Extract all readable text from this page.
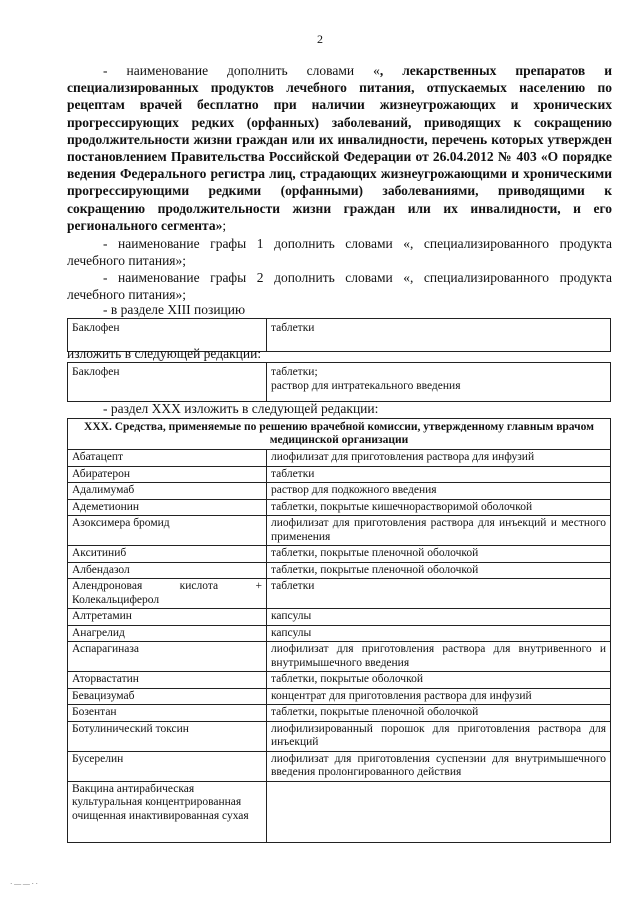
2
- наименование дополнить словами «, лекарственных препаратов и специализированных продуктов лечебного питания, отпускаемых населению по рецептам врачей бесплатно при наличии жизнеугрожающих и хронических прогрессирующих редких (орфанных) заболеваний, приводящих к сокращению продолжительности жизни граждан или их инвалидности, перечень которых утвержден постановлением Правительства Российской Федерации от 26.04.2012 № 403 «О порядке ведения Федерального регистра лиц, страдающих жизнеугрожающими и хроническими прогрессирующими редкими (орфанными) заболеваниями, приводящими к сокращению продолжительности жизни граждан или их инвалидности, и его регионального сегмента»;
- наименование графы 1 дополнить словами «, специализированного продукта лечебного питания»;
- наименование графы 2 дополнить словами «, специализированного продукта лечебного питания»;
- в разделе XIII позицию
Баклофен	таблетки
изложить в следующей редакции:
Баклофен	таблетки;
раствор для интратекального введения
- раздел XXX изложить в следующей редакции:
XXX. Средства, применяемые по решению врачебной комиссии, утвержденному главным врачом медицинской организации	
Абатацепт	лиофилизат для приготовления раствора для инфузий
Абиратерон	таблетки
Адалимумаб	раствор для подкожного введения
Адеметионин	таблетки, покрытые кишечнорастворимой оболочкой
Азоксимера бромид	лиофилизат для приготовления раствора для инъекций и местного применения
Акситиниб	таблетки, покрытые пленочной оболочкой
Албендазол	таблетки, покрытые пленочной оболочкой
Алендроновая кислота + Колекальциферол	таблетки
Алтретамин	капсулы
Анагрелид	капсулы
Аспарагиназа	лиофилизат для приготовления раствора для внутривенного и внутримышечного введения
Аторвастатин	таблетки, покрытые оболочкой
Бевацизумаб	концентрат для приготовления раствора для инфузий
Бозентан	таблетки, покрытые пленочной оболочкой
Ботулинический токсин	лиофилизированный порошок для приготовления раствора для инъекций
Бусерелин	лиофилизат для приготовления суспензии для внутримышечного введения пролонгированного действия
Вакцина антирабическая культуральная концентрированная очищенная инактивированная сухая	
· — — · ·
